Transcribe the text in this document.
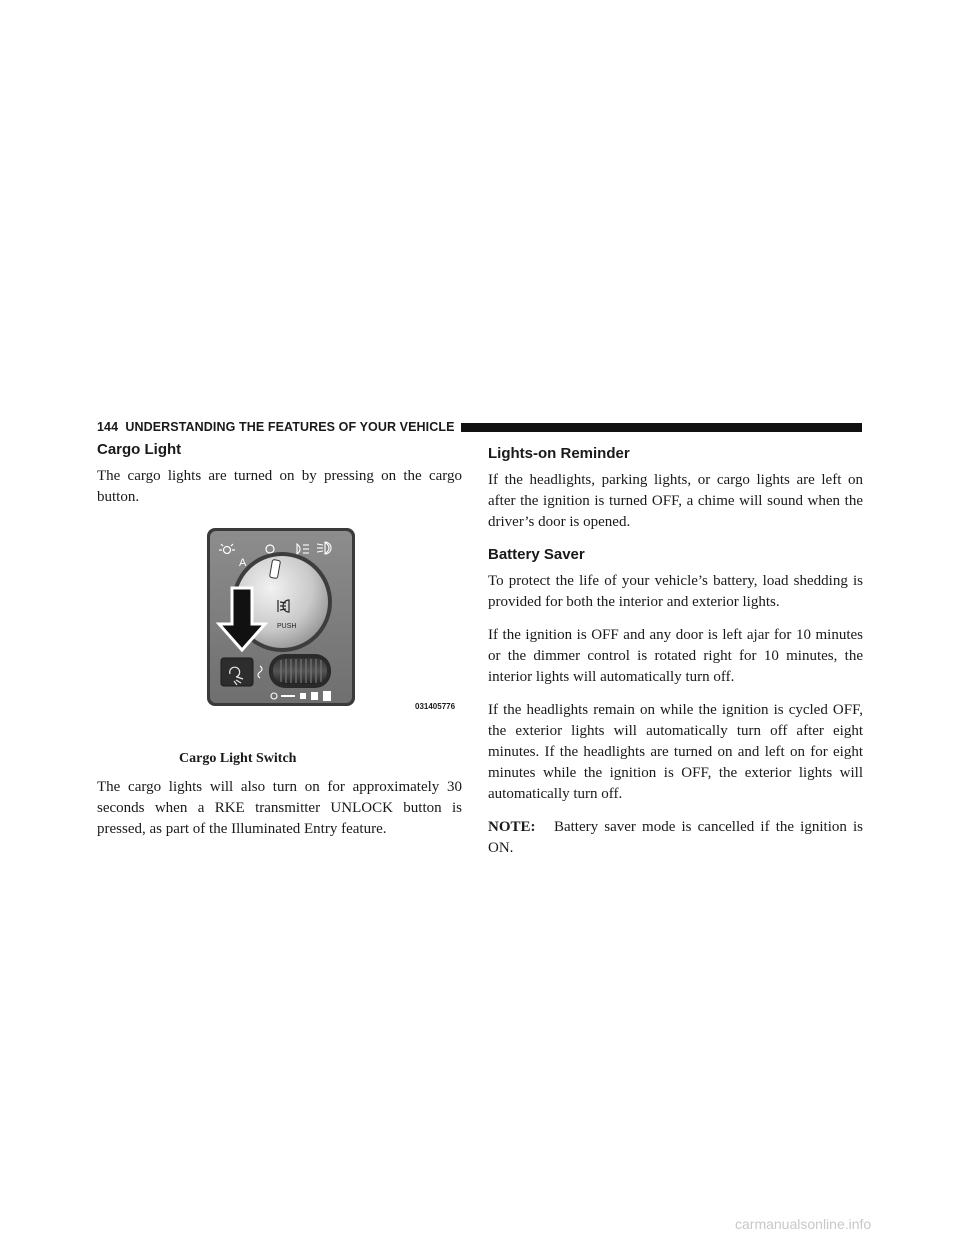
144 UNDERSTANDING THE FEATURES OF YOUR VEHICLE
Cargo Light

The cargo lights are turned on by pressing on the cargo button.

A
PUSH
031405776

Cargo Light Switch

The cargo lights will also turn on for approximately 30 seconds when a RKE transmitter UNLOCK button is pressed, as part of the Illuminated Entry feature.

Lights-on Reminder

If the headlights, parking lights, or cargo lights are left on after the ignition is turned OFF, a chime will sound when the driver’s door is opened.

Battery Saver

To protect the life of your vehicle’s battery, load shedding is provided for both the interior and exterior lights.

If the ignition is OFF and any door is left ajar for 10 minutes or the dimmer control is rotated right for 10 minutes, the interior lights will automatically turn off.

If the headlights remain on while the ignition is cycled OFF, the exterior lights will automatically turn off after eight minutes. If the headlights are turned on and left on for eight minutes while the ignition is OFF, the exterior lights will automatically turn off.

NOTE: Battery saver mode is cancelled if the ignition is ON.

carmanualsonline.info
